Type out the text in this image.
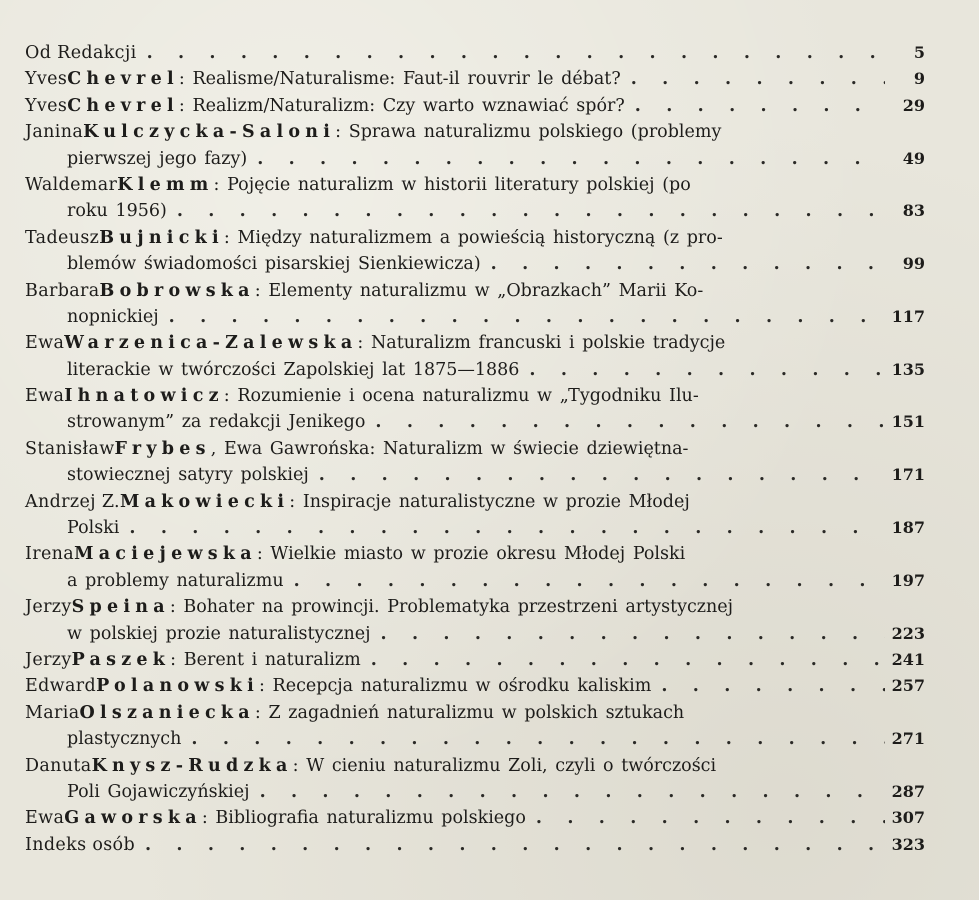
Od Redakcji . . .	5
Yves Chevrel : Realisme/Naturalisme: Faut-il rouvrir le débat? . . .	9
Yves Chevrel : Realizm/Naturalizm: Czy warto wznawiać spór? . . .	29
Janina Kulczycka-Saloni : Sprawa naturalizmu polskiego (problemy
pierwszej jego fazy) . . .	49
Waldemar Klemm : Pojęcie naturalizm w historii literatury polskiej (po
roku 1956) . . .	83
Tadeusz Bujnicki : Między naturalizmem a powieścią historyczną (z pro-
blemów świadomości pisarskiej Sienkiewicza) . . .	99
Barbara Bobrowska : Elementy naturalizmu w „Obrazkach” Marii Ko-
nopnickiej . . .	117
Ewa Warzenica-Zalewska : Naturalizm francuski i polskie tradycje
literackie w twórczości Zapolskiej lat 1875—1886 . . .	135
Ewa Ihnatowicz : Rozumienie i ocena naturalizmu w „Tygodniku Ilu-
strowanym” za redakcji Jenikego . . .	151
Stanisław Frybes , Ewa Gawrońska: Naturalizm w świecie dziewiętna-
stowiecznej satyry polskiej . . .	171
Andrzej Z. Makowiecki : Inspiracje naturalistyczne w prozie Młodej
Polski . . .	187
Irena Maciejewska : Wielkie miasto w prozie okresu Młodej Polski
a problemy naturalizmu . . .	197
Jerzy Speina : Bohater na prowincji. Problematyka przestrzeni artystycznej
w polskiej prozie naturalistycznej . . .	223
Jerzy Paszek : Berent i naturalizm . . .	241
Edward Polanowski : Recepcja naturalizmu w ośrodku kaliskim . . .	257
Maria Olszaniecka : Z zagadnień naturalizmu w polskich sztukach
plastycznych . . .	271
Danuta Knysz-Rudzka : W cieniu naturalizmu Zoli, czyli o twórczości
Poli Gojawiczyńskiej . . .	287
Ewa Gaworska : Bibliografia naturalizmu polskiego . . .	307
Indeks osób . . .	323
